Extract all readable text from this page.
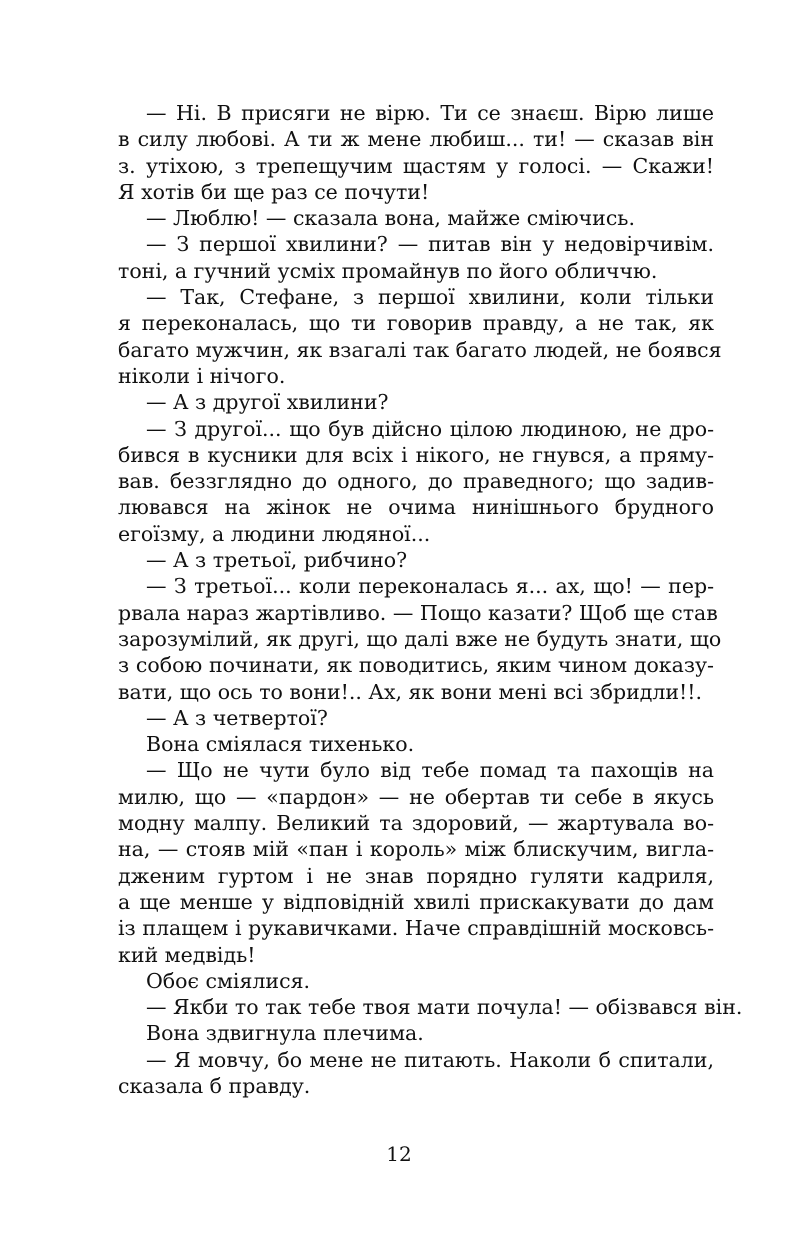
— Ні. В присяги не вірю. Ти се знаєш. Вірю лише
в силу любові. А ти ж мене любиш... ти! — сказав він
з. утіхою, з трепещучим щастям у голосі. — Скажи!
Я хотів би ще раз се почути!
— Люблю! — сказала вона, майже сміючись.
— З першої хвилини? — питав він у недовірчивім.
тоні, а гучний усміх промайнув по його обличчю.
— Так, Стефане, з першої хвилини, коли тільки
я переконалась, що ти говорив правду, а не так, як
багато мужчин, як взагалі так багато людей, не боявся
ніколи і нічого.
— А з другої хвилини?
— З другої... що був дійсно цілою людиною, не дро-
бився в кусники для всіх і нікого, не гнувся, а пряму-
вав. беззглядно до одного, до праведного; що задив-
лювався на жінок не очима нинішнього брудного
егоїзму, а людини людяної...
— А з третьої, рибчино?
— З третьої... коли переконалась я... ах, що! — пер-
рвала нараз жартівливо. — Пощо казати? Щоб ще став
зарозумілий, як другі, що далі вже не будуть знати, що
з собою починати, як поводитись, яким чином доказу-
вати, що ось то вони!.. Ах, як вони мені всі збридли!!.
— А з четвертої?
Вона сміялася тихенько.
— Що не чути було від тебе помад та пахощів на
милю, що — «пардон» — не обертав ти себе в якусь
модну малпу. Великий та здоровий, — жартувала во-
на, — стояв мій «пан і король» між блискучим, вигла-
дженим гуртом і не знав порядно гуляти кадриля,
а ще менше у відповідній хвилі прискакувати до дам
із плащем і рукавичками. Наче справдішній московсь-
кий медвідь!
Обоє сміялися.
— Якби то так тебе твоя мати почула! — обізвався він.
Вона здвигнула плечима.
— Я мовчу, бо мене не питають. Наколи б спитали,
сказала б правду.
12
